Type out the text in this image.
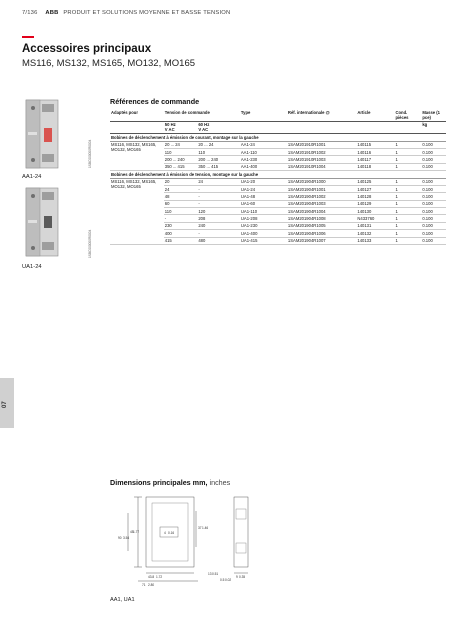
7/136 ABB PRODUIT ET SOLUTIONS MOYENNE ET BASSE TENSION
Accessoires principaux
MS116, MS132, MS165, MO132, MO165
1SBC000000R0004
AA1-24
1SBC000000R0004
UA1-24
Références de commande
Adaptés pour	Tension de commande		Type	Réf. internationale @	Article	Cond. pièces	Masse (1 pce)
	50 Hz
V AC	60 Hz
V AC					kg
Bobines de déclenchement à émission de courant, montage sur la gauche							
MS116, MS132, MS165, MO132, MO165	20 ... 24	20 ... 24	AA1-24	1SAM201910R1001	140115	1	0.100
	110	110	AA1-110	1SAM201910R1002	140116	1	0.100
	200 ... 240	200 ... 240	AA1-230	1SAM201910R1003	140117	1	0.100
	350 ... 415	350 ... 415	AA1-400	1SAM201910R1004	140118	1	0.100
Bobines de déclenchement à émission de tension, montage sur la gauche							
MS116, MS132, MS165, MO132, MO165	20	24	UA1-20	1SAM201904R1000	140125	1	0.100
	24	-	UA1-24	1SAM201904R1001	140127	1	0.100
	48	-	UA1-48	1SAM201904R1002	140128	1	0.100
	60	-	UA1-60	1SAM201904R1003	140129	1	0.100
	110	120	UA1-110	1SAM201904R1004	140130	1	0.100
	-	208	UA1-208	1SAM201904R1008	N433760	1	0.100
	230	240	UA1-230	1SAM201904R1005	140131	1	0.100
	400	-	UA1-400	1SAM201904R1006	140132	1	0.100
	415	480	UA1-415	1SAM201904R1007	140133	1	0.100
07
Dimensions principales mm, inches
90 3.54
45 1.77
37 1.46
43.8 1.72
71 2.80
9 0.35
13 0.51
4 0.16
0.5 0.02
AA1, UA1
